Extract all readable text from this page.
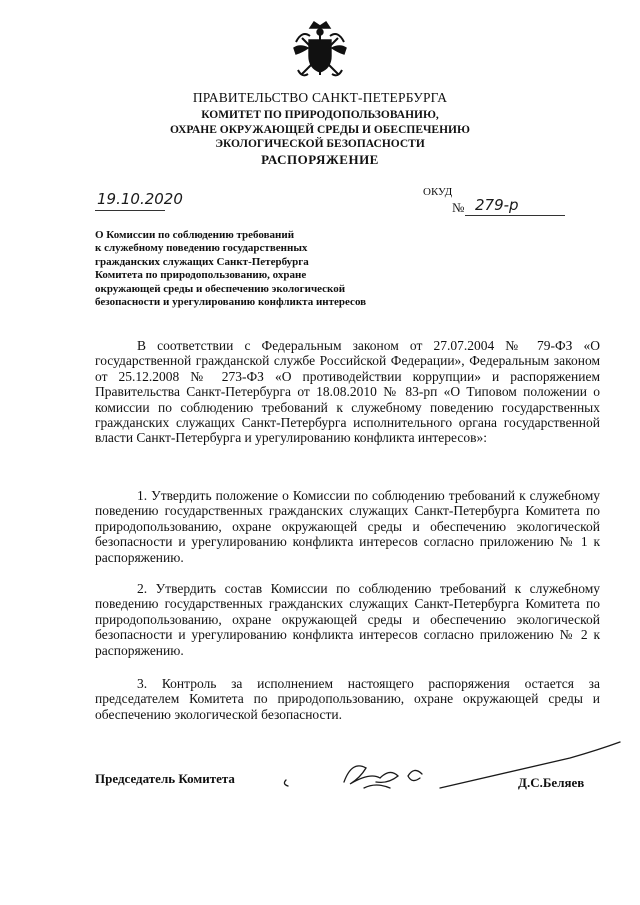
ПРАВИТЕЛЬСТВО САНКТ-ПЕТЕРБУРГА
КОМИТЕТ ПО ПРИРОДОПОЛЬЗОВАНИЮ,
ОХРАНЕ ОКРУЖАЮЩЕЙ СРЕДЫ И ОБЕСПЕЧЕНИЮ
ЭКОЛОГИЧЕСКОЙ БЕЗОПАСНОСТИ
РАСПОРЯЖЕНИЕ
19.10.2020	ОКУД
№ 279-р
О Комиссии по соблюдению требований
к служебному поведению государственных
гражданских служащих Санкт-Петербурга
Комитета по природопользованию, охране
окружающей среды и обеспечению экологической
безопасности и урегулированию конфликта интересов
В соответствии с Федеральным законом от 27.07.2004 № 79-ФЗ «О государственной гражданской службе Российской Федерации», Федеральным законом от 25.12.2008 № 273-ФЗ «О противодействии коррупции» и распоряжением Правительства Санкт-Петербурга от 18.08.2010 № 83-рп «О Типовом положении о комиссии по соблюдению требований к служебному поведению государственных гражданских служащих Санкт-Петербурга исполнительного органа государственной власти Санкт-Петербурга и урегулированию конфликта интересов»:
1. Утвердить положение о Комиссии по соблюдению требований к служебному поведению государственных гражданских служащих Санкт-Петербурга Комитета по природопользованию, охране окружающей среды и обеспечению экологической безопасности и урегулированию конфликта интересов согласно приложению № 1 к распоряжению.
2. Утвердить состав Комиссии по соблюдению требований к служебному поведению государственных гражданских служащих Санкт-Петербурга Комитета по природопользованию, охране окружающей среды и обеспечению экологической безопасности и урегулированию конфликта интересов согласно приложению № 2 к распоряжению.
3. Контроль за исполнением настоящего распоряжения остается за председателем Комитета по природопользованию, охране окружающей среды и обеспечению экологической безопасности.
Председатель Комитета	Д.С.Беляев
